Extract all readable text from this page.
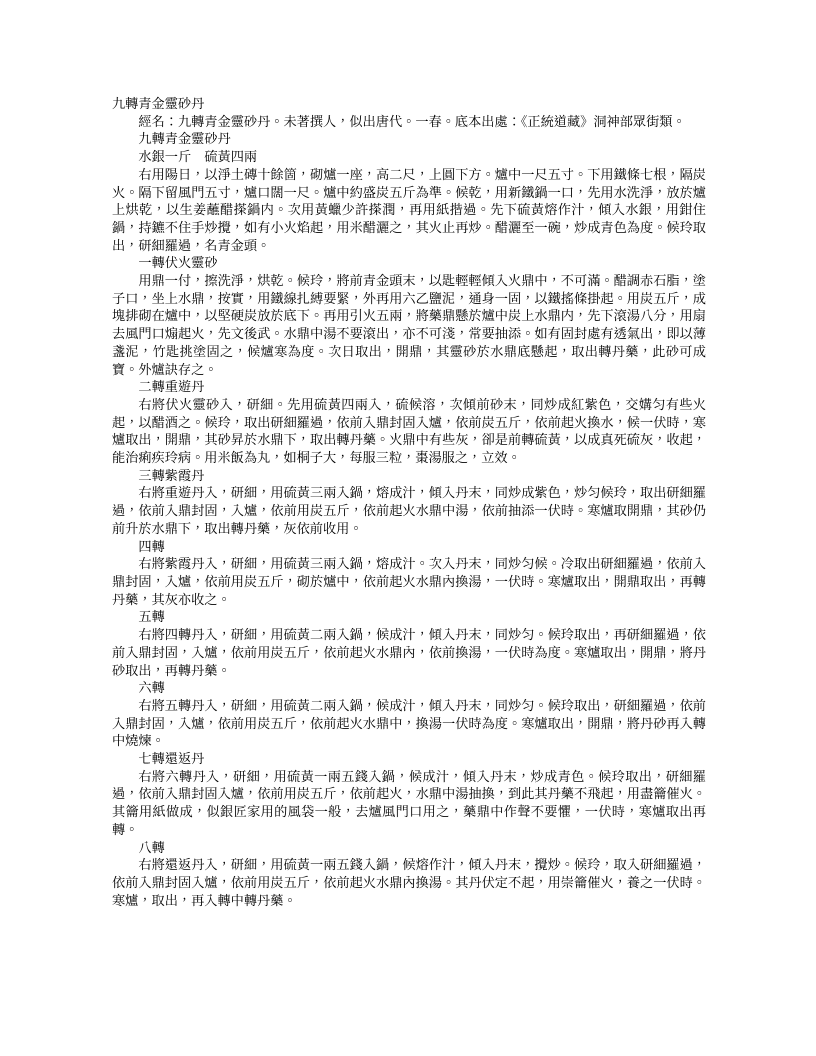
九轉青金靈砂丹

經名：九轉青金靈砂丹。未著撰人，似出唐代。一春。底本出處：《正統道藏》洞神部眾街類。

九轉青金靈砂丹

水銀一斤　硫黃四兩

右用陽日，以淨土磚十餘箇，砌爐一座，高二尺，上圓下方。爐中一尺五寸。下用鐵條七根，隔炭火。隔下留風門五寸，爐口闊一尺。爐中約盛炭五斤為準。候乾，用新鐵鍋一口，先用水洗淨，放於爐上烘乾，以生姜蘸醋搽鍋内。次用黃蠟少許搽潤，再用紙揩過。先下硫黃熔作汁，傾入水銀，用鉗住鍋，持鑣不住手炒攪，如有小火焰起，用米醋灑之，其火止再炒。醋灑至一碗，炒成青色為度。候玲取出，研細羅過，名青金頭。

一轉伏火靈砂

用鼎一付，擦洗淨，烘乾。候玲，將前青金頭末，以匙輕輕傾入火鼎中，不可滿。醋調赤石脂，塗子口，坐上水鼎，按實，用鐵線扎縛要緊，外再用六乙鹽泥，通身一固，以鐵搖條掛起。用炭五斤，成塊排砌在爐中，以堅硬炭放於底下。再用引火五兩，將藥鼎懸於爐中炭上水鼎内，先下滾湯八分，用扇去風門口煽起火，先文後武。水鼎中湯不要滾出，亦不可淺，常要抽添。如有固封處有透氣出，即以薄盞泥，竹匙挑塗固之，候爐寒為度。次日取出，開鼎，其靈砂於水鼎底懸起，取出轉丹藥，此砂可成寶。外爐訣存之。

二轉重遊丹

右將伏火靈砂入，研細。先用硫黃四兩入，硫候溶，次傾前砂末，同炒成紅紫色，交媾匀有些火起，以醋酒之。候玲，取出研細羅過，依前入鼎封固入爐，依前炭五斤，依前起火換水，候一伏時，寒爐取出，開鼎，其砂昇於水鼎下，取出轉丹藥。火鼎中有些灰，卻是前轉硫黃，以成真死硫灰，收起，能治痢疾玲病。用米飯為丸，如桐子大，每服三粒，棗湯服之，立效。

三轉紫霞丹

右將重遊丹入，研細，用硫黃三兩入鍋，熔成汁，傾入丹末，同炒成紫色，炒匀候玲，取出研細羅過，依前入鼎封固，入爐，依前用炭五斤，依前起火水鼎中湯，依前抽添一伏時。寒爐取開鼎，其砂仍前升於水鼎下，取出轉丹藥，灰依前收用。

四轉

右將紫霞丹入，研細，用硫黃三兩入鍋，熔成汁。次入丹末，同炒匀候。冷取出研細羅過，依前入鼎封固，入爐，依前用炭五斤，砌於爐中，依前起火水鼎內換湯，一伏時。寒爐取出，開鼎取出，再轉丹藥，其灰亦收之。

五轉

右將四轉丹入，研細，用硫黃二兩入鍋，候成汁，傾入丹末，同炒匀。候玲取出，再研細羅過，依前入鼎封固，入爐，依前用炭五斤，依前起火水鼎內，依前換湯，一伏時為度。寒爐取出，開鼎，將丹砂取出，再轉丹藥。

六轉

右將五轉丹入，研細，用硫黃二兩入鍋，候成汁，傾入丹末，同炒匀。候玲取出，研細羅過，依前入鼎封固，入爐，依前用炭五斤，依前起火水鼎中，換湯一伏時為度。寒爐取出，開鼎，將丹砂再入轉中燒煉。

七轉還返丹

右將六轉丹入，研細，用硫黃一兩五錢入鍋，候成汁，傾入丹末，炒成青色。候玲取出，研細羅過，依前入鼎封固入爐，依前用炭五斤，依前起火，水鼎中湯抽換，到此其丹藥不飛起，用盡籥催火。其籥用紙做成，似銀匠家用的風袋一般，去爐風門口用之，藥鼎中作聲不要懼，一伏時，寒爐取出再轉。

八轉

右將還返丹入，研細，用硫黃一兩五錢入鍋，候熔作汁，傾入丹末，攪炒。候玲，取入研細羅過，依前入鼎封固入爐，依前用炭五斤，依前起火水鼎內換湯。其丹伏定不起，用崇籥催火，養之一伏時。寒爐，取出，再入轉中轉丹藥。
